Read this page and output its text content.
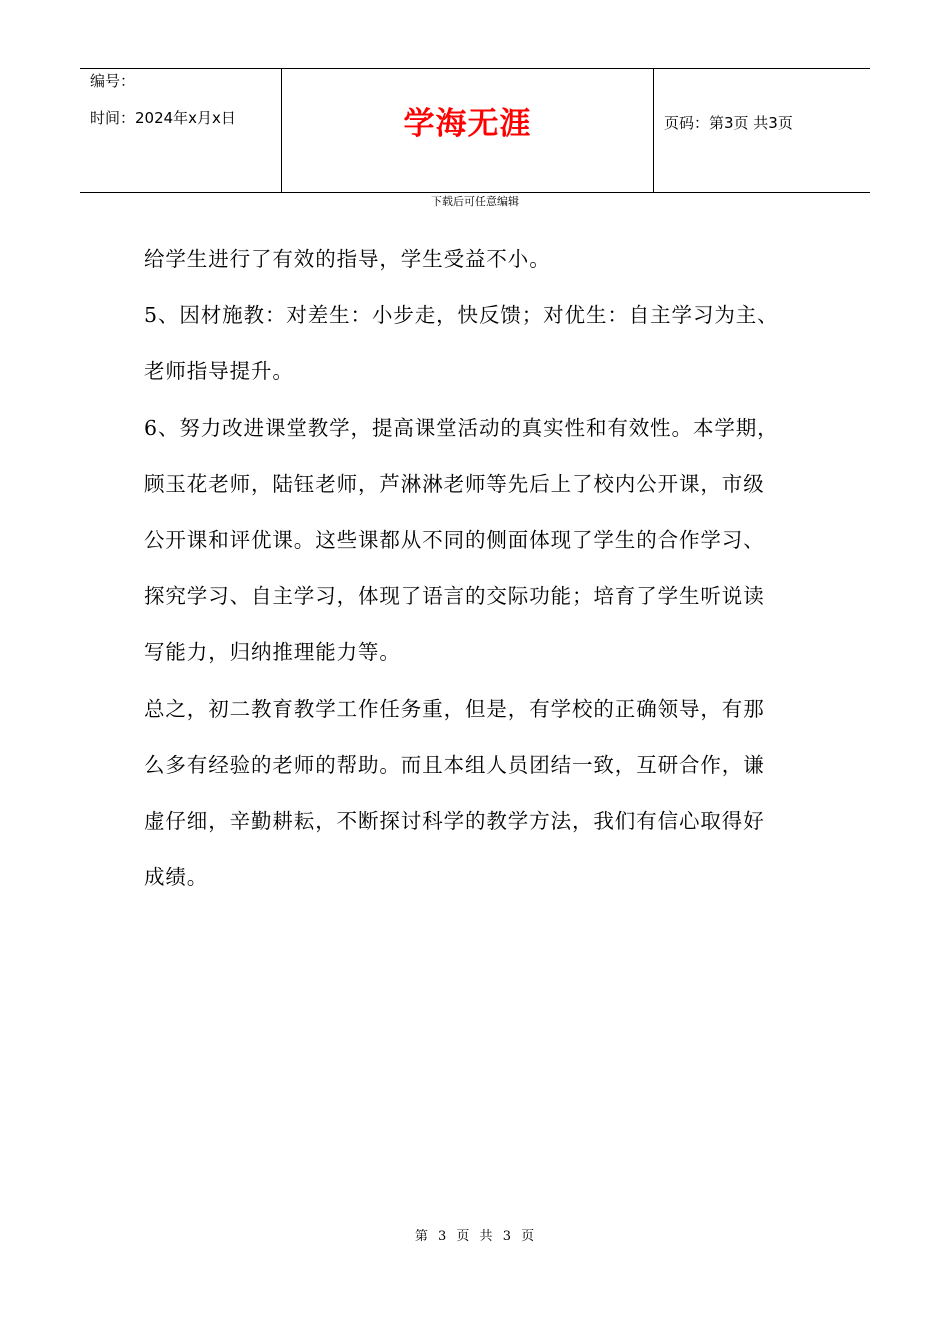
编号：
时间：2024年x月x日	学海无涯	页码：第3页 共3页
下载后可任意编辑
给学生进行了有效的指导，学生受益不小。
5、因材施教：对差生：小步走，快反馈；对优生：自主学习为主、
老师指导提升。
6、努力改进课堂教学，提高课堂活动的真实性和有效性。本学期，
顾玉花老师，陆钰老师，芦淋淋老师等先后上了校内公开课，市级
公开课和评优课。这些课都从不同的侧面体现了学生的合作学习、
探究学习、自主学习，体现了语言的交际功能；培育了学生听说读
写能力，归纳推理能力等。
总之，初二教育教学工作任务重，但是，有学校的正确领导，有那
么多有经验的老师的帮助。而且本组人员团结一致，互研合作，谦
虚仔细，辛勤耕耘，不断探讨科学的教学方法，我们有信心取得好
成绩。
第 3 页 共 3 页
